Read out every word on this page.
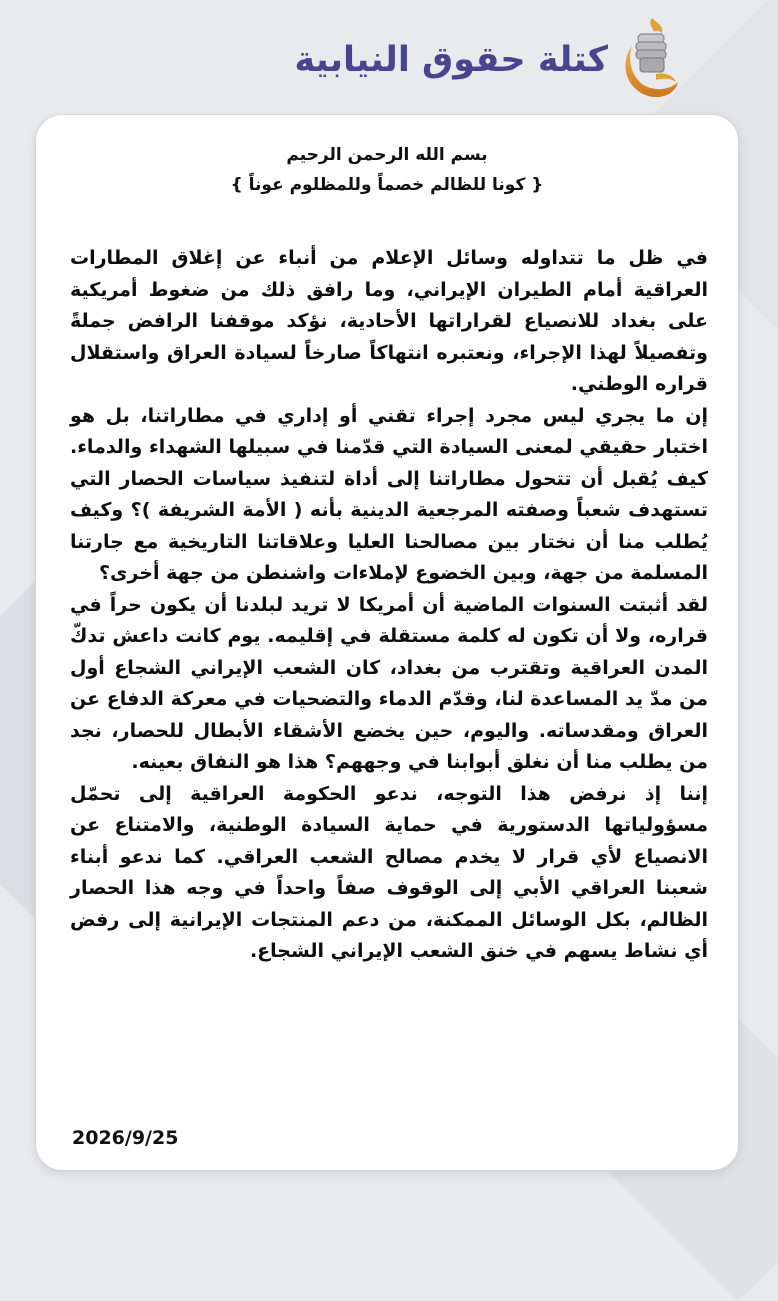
كتلة حقوق النيابية
بسم الله الرحمن الرحيم
{ كونا للظالم خصماً وللمظلوم عوناً }

في ظل ما تتداوله وسائل الإعلام من أنباء عن إغلاق المطارات العراقية أمام الطيران الإيراني، وما رافق ذلك من ضغوط أمريكية على بغداد للانصياع لقراراتها الأحادية، نؤكد موقفنا الرافض جملةً وتفصيلاً لهذا الإجراء، ونعتبره انتهاكاً صارخاً لسيادة العراق واستقلال قراره الوطني.

إن ما يجري ليس مجرد إجراء تقني أو إداري في مطاراتنا، بل هو اختبار حقيقي لمعنى السيادة التي قدّمنا في سبيلها الشهداء والدماء. كيف يُقبل أن تتحول مطاراتنا إلى أداة لتنفيذ سياسات الحصار التي تستهدف شعباً وصفته المرجعية الدينية بأنه ( الأمة الشريفة )؟ وكيف يُطلب منا أن نختار بين مصالحنا العليا وعلاقاتنا التاريخية مع جارتنا المسلمة من جهة، وبين الخضوع لإملاءات واشنطن من جهة أخرى؟

لقد أثبتت السنوات الماضية أن أمريكا لا تريد لبلدنا أن يكون حراً في قراره، ولا أن تكون له كلمة مستقلة في إقليمه. يوم كانت داعش تدكّ المدن العراقية وتقترب من بغداد، كان الشعب الإيراني الشجاع أول من مدّ يد المساعدة لنا، وقدّم الدماء والتضحيات في معركة الدفاع عن العراق ومقدساته. واليوم، حين يخضع الأشقاء الأبطال للحصار، نجد من يطلب منا أن نغلق أبوابنا في وجههم؟ هذا هو النفاق بعينه.

إننا إذ نرفض هذا التوجه، ندعو الحكومة العراقية إلى تحمّل مسؤولياتها الدستورية في حماية السيادة الوطنية، والامتناع عن الانصياع لأي قرار لا يخدم مصالح الشعب العراقي. كما ندعو أبناء شعبنا العراقي الأبي إلى الوقوف صفاً واحداً في وجه هذا الحصار الظالم، بكل الوسائل الممكنة، من دعم المنتجات الإيرانية إلى رفض أي نشاط يسهم في خنق الشعب الإيراني الشجاع.

2026/9/25
